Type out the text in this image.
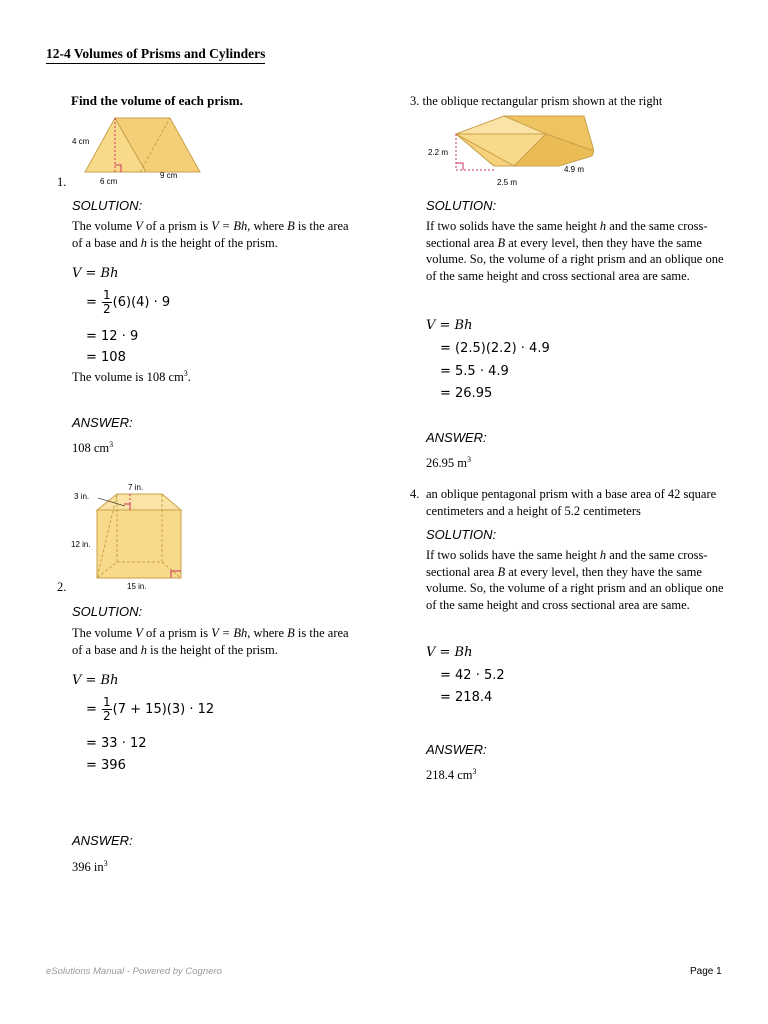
12-4 Volumes of Prisms and Cylinders
Find the volume of each prism.
4 cm
6 cm
9 cm
1.
SOLUTION:
The volume V of a prism is V = Bh, where B is the area of a base and h is the height of the prism.
V = Bh
= $\frac{1}{2} (6)(4) \cdot 9$
= 12 · 9
= 108
The volume is 108 $cm^3$.
ANSWER:
108 $cm^3$
7 in.
3 in.
12 in.
15 in.
2.
SOLUTION:
The volume V of a prism is V = Bh, where B is the area of a base and h is the height of the prism.
V = Bh
= $\frac{1}{2} (7 + 15)(3) \cdot 12$
= 33 · 12
= 396
ANSWER:
396 $in^3$
3. the oblique rectangular prism shown at the right
2.2 m
2.5 m
4.9 m
SOLUTION:
If two solids have the same height h and the same cross-sectional area B at every level, then they have the same volume. So, the volume of a right prism and an oblique one of the same height and cross sectional area are same.
V = Bh
= (2.5)(2.2) · 4.9
= 5.5 · 4.9
= 26.95
ANSWER:
26.95 $m^3$
4. an oblique pentagonal prism with a base area of 42 square centimeters and a height of 5.2 centimeters
SOLUTION:
If two solids have the same height h and the same cross-sectional area B at every level, then they have the same volume. So, the volume of a right prism and an oblique one of the same height and cross sectional area are same.
V = Bh
= 42 · 5.2
= 218.4
ANSWER:
218.4 $cm^3$
eSolutions Manual - Powered by Cognero	Page 1
